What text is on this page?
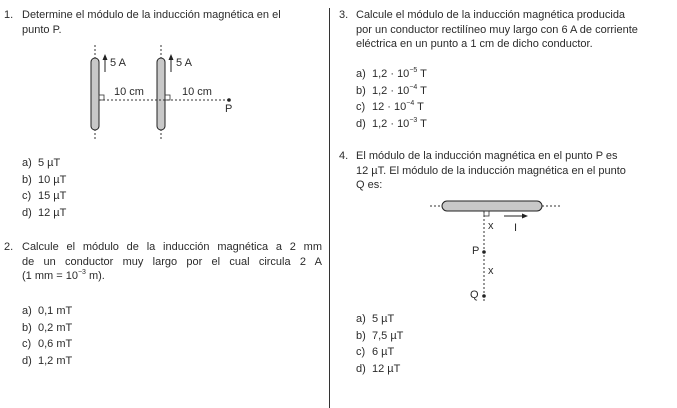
1. Determine el módulo de la inducción magnética en el
punto P.
5 A	5 A
10 cm	10 cm
P
a) 5 µT
b) 10 µT
c) 15 µT
d) 12 µT
2. Calcule el módulo de la inducción magnética a 2 mm
de un conductor muy largo por el cual circula 2 A
(1 mm = $10^{-3}$ m).
a) 0,1 mT
b) 0,2 mT
c) 0,6 mT
d) 1,2 mT
3. Calcule el módulo de la inducción magnética producida
por un conductor rectilíneo muy largo con 6 A de corriente
eléctrica en un punto a 1 cm de dicho conductor.
a) $1,2 \cdot 10^{-5}$ T
b) $1,2 \cdot 10^{-4}$ T
c) $12 \cdot 10^{-4}$ T
d) $1,2 \cdot 10^{-3}$ T
4. El módulo de la inducción magnética en el punto P es
12 µT. El módulo de la inducción magnética en el punto
Q es:
x I
P
x
Q
a) 5 µT
b) 7,5 µT
c) 6 µT
d) 12 µT
